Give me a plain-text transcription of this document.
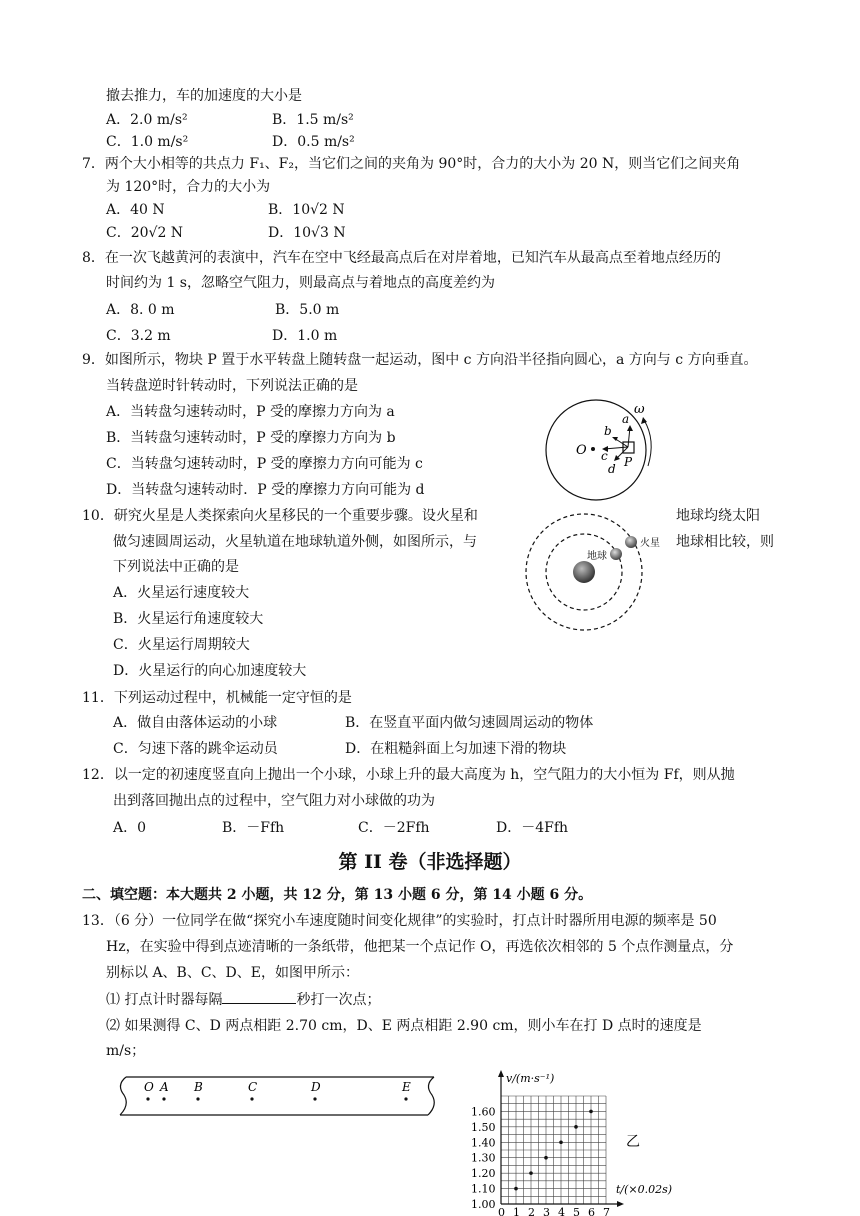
撤去推力，车的加速度的大小是
A．2.0 m/s²	B．1.5 m/s²
C．1.0 m/s²	D．0.5 m/s²
7．两个大小相等的共点力 F₁、F₂，当它们之间的夹角为 90°时，合力的大小为 20 N，则当它们之间夹角
为 120°时，合力的大小为
A．40 N	B．10√2 N
C．20√2 N	D．10√3 N
8．在一次飞越黄河的表演中，汽车在空中飞经最高点后在对岸着地，已知汽车从最高点至着地点经历的
时间约为 1 s，忽略空气阻力，则最高点与着地点的高度差约为
A．8. 0 m	B．5.0 m
C．3.2 m	D．1.0 m
9．如图所示，物块 P 置于水平转盘上随转盘一起运动，图中 c 方向沿半径指向圆心，a 方向与 c 方向垂直。
当转盘逆时针转动时，下列说法正确的是
A．当转盘匀速转动时，P 受的摩擦力方向为 a
B．当转盘匀速转动时，P 受的摩擦力方向为 b
C．当转盘匀速转动时，P 受的摩擦力方向可能为 c
D．当转盘匀速转动时．P 受的摩擦力方向可能为 d
O
a
b
c
d P
ω
10．研究火星是人类探索向火星移民的一个重要步骤。设火星和	地球均绕太阳
做匀速圆周运动，火星轨道在地球轨道外侧，如图所示，与	地球相比较，则
下列说法中正确的是
A．火星运行速度较大
B．火星运行角速度较大
C．火星运行周期较大
D．火星运行的向心加速度较大
太阳
地球
火星
11．下列运动过程中，机械能一定守恒的是
A．做自由落体运动的小球	B．在竖直平面内做匀速圆周运动的物体
C．匀速下落的跳伞运动员	D．在粗糙斜面上匀加速下滑的物块
12．以一定的初速度竖直向上抛出一个小球，小球上升的最大高度为 h，空气阻力的大小恒为 Ff，则从抛
出到落回抛出点的过程中，空气阻力对小球做的功为
A．0	B．－Ffh	C．－2Ffh	D．－4Ffh
第 II 卷（非选择题）
二、填空题：本大题共 2 小题，共 12 分，第 13 小题 6 分，第 14 小题 6 分。
13．（6 分）一位同学在做“探究小车速度随时间变化规律”的实验时，打点计时器所用电源的频率是 50
Hz，在实验中得到点迹清晰的一条纸带，他把某一个点记作 O，再选依次相邻的 5 个点作测量点，分
别标以 A、B、C、D、E，如图甲所示：
⑴ 打点计时器每隔	秒打一次点；
⑵ 如果测得 C、D 两点相距 2.70 cm，D、E 两点相距 2.90 cm，则小车在打 D 点时的速度是
m/s；
O A B	C	D	E
0 1 2 3 4 5 6 7
1.00
1.10
1.20
1.30
1.40
1.50
1.60
v/(m·s⁻¹)
t/(×0.02s)
乙
